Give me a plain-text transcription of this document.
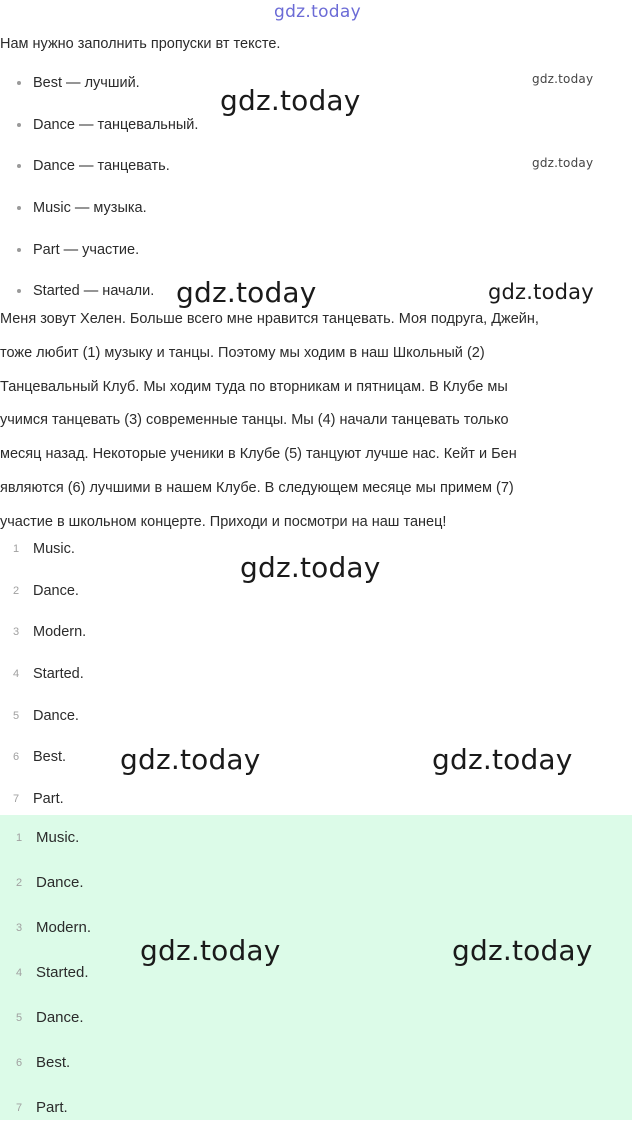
gdz.today
Нам нужно заполнить пропуски вт тексте.
Best — лучший.
Dance — танцевальный.
Dance — танцевать.
Music — музыка.
Part — участие.
Started — начали.
Меня зовут Хелен. Больше всего мне нравится танцевать. Моя подруга, Джейн,
тоже любит (1) музыку и танцы. Поэтому мы ходим в наш Школьный (2)
Танцевальный Клуб. Мы ходим туда по вторникам и пятницам. В Клубе мы
учимся танцевать (3) современные танцы. Мы (4) начали танцевать только
месяц назад. Некоторые ученики в Клубе (5) танцуют лучше нас. Кейт и Бен
являются (6) лучшими в нашем Клубе. В следующем месяце мы примем (7)
участие в школьном концерте. Приходи и посмотри на наш танец!
1 Music.
2 Dance.
3 Modern.
4 Started.
5 Dance.
6 Best.
7 Part.
1 Music.
2 Dance.
3 Modern.
4 Started.
5 Dance.
6 Best.
7 Part.
gdz.today
gdz.today
gdz.today
gdz.today	gdz.today
gdz.today
gdz.today	gdz.today
gdz.today	gdz.today
